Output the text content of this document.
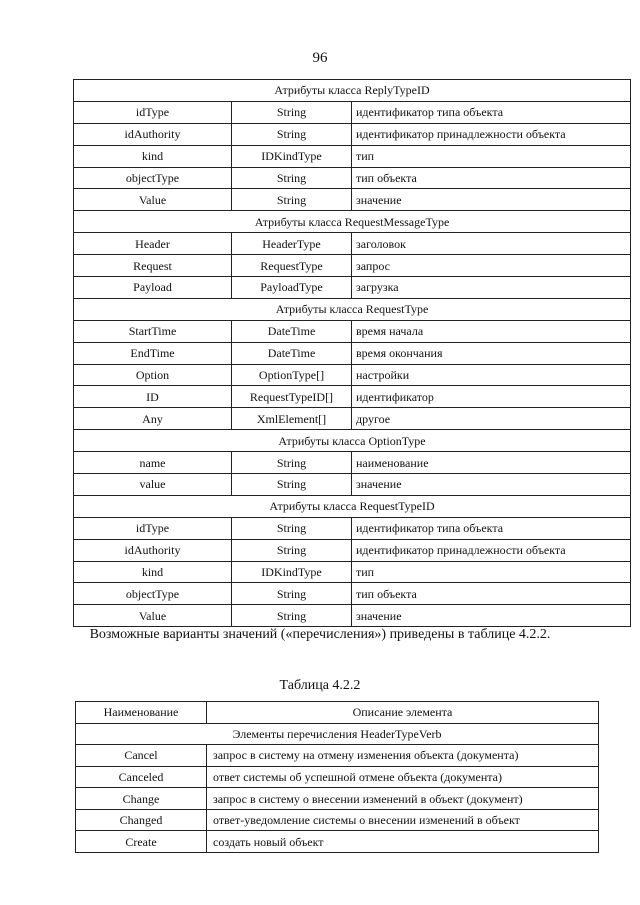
96
Атрибуты класса ReplyTypeID		
idType	String	идентификатор типа объекта
idAuthority	String	идентификатор принадлежности объекта
kind	IDKindType	тип
objectType	String	тип объекта
Value	String	значение
Атрибуты класса RequestMessageType		
Header	HeaderType	заголовок
Request	RequestType	запрос
Payload	PayloadType	загрузка
Атрибуты класса RequestType		
StartTime	DateTime	время начала
EndTime	DateTime	время окончания
Option	OptionType[]	настройки
ID	RequestTypeID[]	идентификатор
Any	XmlElement[]	другое
Атрибуты класса OptionType		
name	String	наименование
value	String	значение
Атрибуты класса RequestTypeID		
idType	String	идентификатор типа объекта
idAuthority	String	идентификатор принадлежности объекта
kind	IDKindType	тип
objectType	String	тип объекта
Value	String	значение
Возможные варианты значений («перечисления») приведены в таблице 4.2.2.
Таблица 4.2.2
Наименование	Описание элемента
Элементы перечисления HeaderTypeVerb	
Cancel	запрос в систему на отмену изменения объекта (документа)
Canceled	ответ системы об успешной отмене объекта (документа)
Change	запрос в систему о внесении изменений в объект (документ)
Changed	ответ-уведомление системы о внесении изменений в объект
Create	создать новый объект
